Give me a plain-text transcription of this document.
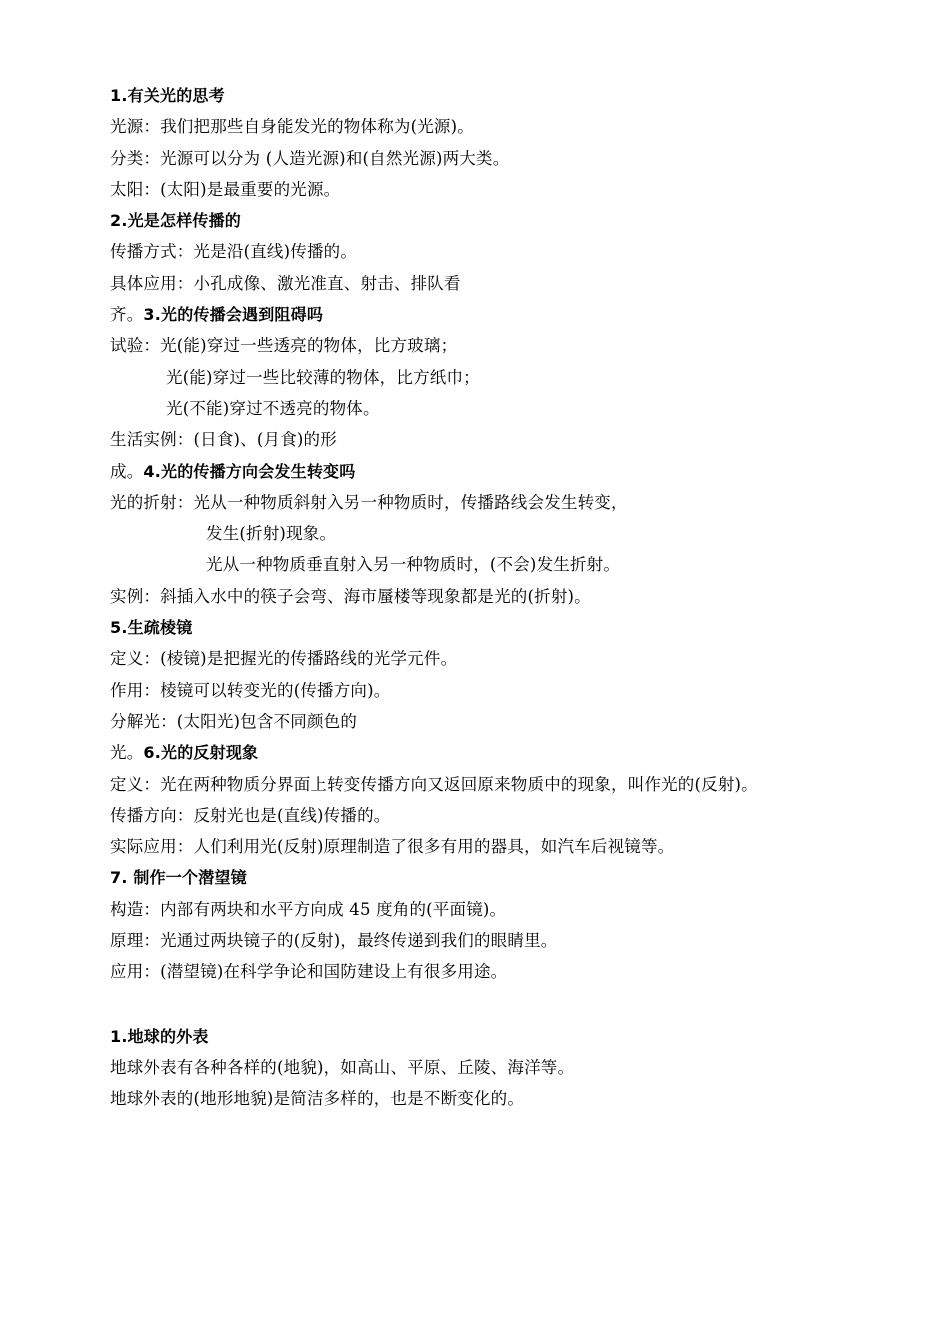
1.有关光的思考
光源：我们把那些自身能发光的物体称为(光源)。
分类：光源可以分为 (人造光源)和(自然光源)两大类。
太阳：(太阳)是最重要的光源。
2.光是怎样传播的
传播方式：光是沿(直线)传播的。
具体应用：小孔成像、激光准直、射击、排队看
齐。3.光的传播会遇到阻碍吗
试验：光(能)穿过一些透亮的物体，比方玻璃；
光(能)穿过一些比较薄的物体，比方纸巾；
光(不能)穿过不透亮的物体。
生活实例：(日食)、(月食)的形
成。4.光的传播方向会发生转变吗
光的折射：光从一种物质斜射入另一种物质时，传播路线会发生转变，
发生(折射)现象。
光从一种物质垂直射入另一种物质时，(不会)发生折射。
实例：斜插入水中的筷子会弯、海市蜃楼等现象都是光的(折射)。
5.生疏棱镜
定义：(棱镜)是把握光的传播路线的光学元件。
作用：棱镜可以转变光的(传播方向)。
分解光：(太阳光)包含不同颜色的
光。6.光的反射现象
定义：光在两种物质分界面上转变传播方向又返回原来物质中的现象，叫作光的(反射)。
传播方向：反射光也是(直线)传播的。
实际应用：人们利用光(反射)原理制造了很多有用的器具，如汽车后视镜等。
7. 制作一个潜望镜
构造：内部有两块和水平方向成 45 度角的(平面镜)。
原理：光通过两块镜子的(反射)，最终传递到我们的眼睛里。
应用：(潜望镜)在科学争论和国防建设上有很多用途。
1.地球的外表
地球外表有各种各样的(地貌)，如高山、平原、丘陵、海洋等。
地球外表的(地形地貌)是简洁多样的，也是不断变化的。
